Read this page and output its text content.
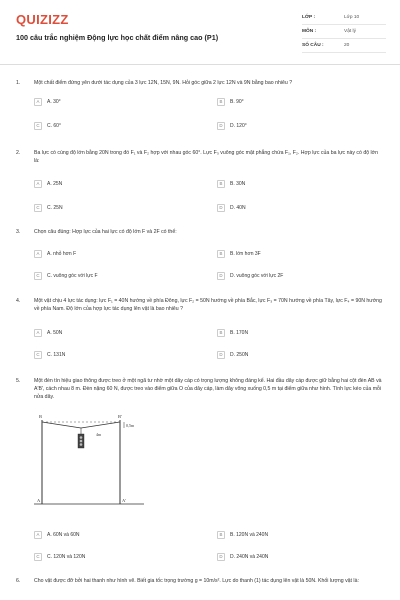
QUIZIZZ
100 câu trắc nghiệm Động lực học chất điểm nâng cao (P1)
LỚP :	Lớp 10
MÔN :	Vật lý
SỐ CÂU :	20
1.	Một chất điểm đứng yên dưới tác dụng của 3 lực 12N, 15N, 9N. Hỏi góc giữa 2 lực 12N và 9N bằng bao nhiêu ?
A	A. 30°	B	B. 90°
C	C. 60°	D	D. 120°
2.	Ba lực có cùng độ lớn bằng 20N trong đó F₁ và F₂ hợp với nhau góc 60°. Lực F₃ vuông góc mặt phẳng chứa F₁, F₂. Hợp lực của ba lực này có độ lớn là:
A	A. 25N	B	B. 30N
C	C. 25N	D	D. 40N
3.	Chọn câu đúng: Hợp lực của hai lực có độ lớn F và 2F có thể:
A	A. nhỏ hơn F	B	B. lớn hơn 3F
C	C. vuông góc với lực F	D	D. vuông góc với lực 2F
4.	Một vật chịu 4 lực tác dụng: lực F₁ = 40N hướng về phía Đông, lực F₂ = 50N hướng về phía Bắc, lực F₃ = 70N hướng về phía Tây, lực F₄ = 90N hướng về phía Nam. Độ lớn của hợp lực tác dụng lên vật là bao nhiêu ?
A	A. 50N	B	B. 170N
C	C. 131N	D	D. 250N
5.	Một đèn tín hiệu giao thông được treo ở một ngã tư nhờ một dây cáp có trọng lượng không đáng kể. Hai đầu dây cáp được giữ bằng hai cột đèn AB và A'B', cách nhau 8 m. Đèn nặng 60 N, được treo vào điểm giữa O của dây cáp, làm dây võng xuống 0,5 m tại điểm giữa như hình. Tính lực kéo của mỗi nửa dây.
B	B'
A	A'
4m
0,5m
A	A. 60N và 60N	B	B. 120N và 240N
C	C. 120N và 120N	D	D. 240N và 240N
6.	Cho vật được đỡ bởi hai thanh như hình vẽ. Biết gia tốc trọng trường g = 10m/s². Lực do thanh (1) tác dụng lên vật là 50N. Khối lượng vật là:
